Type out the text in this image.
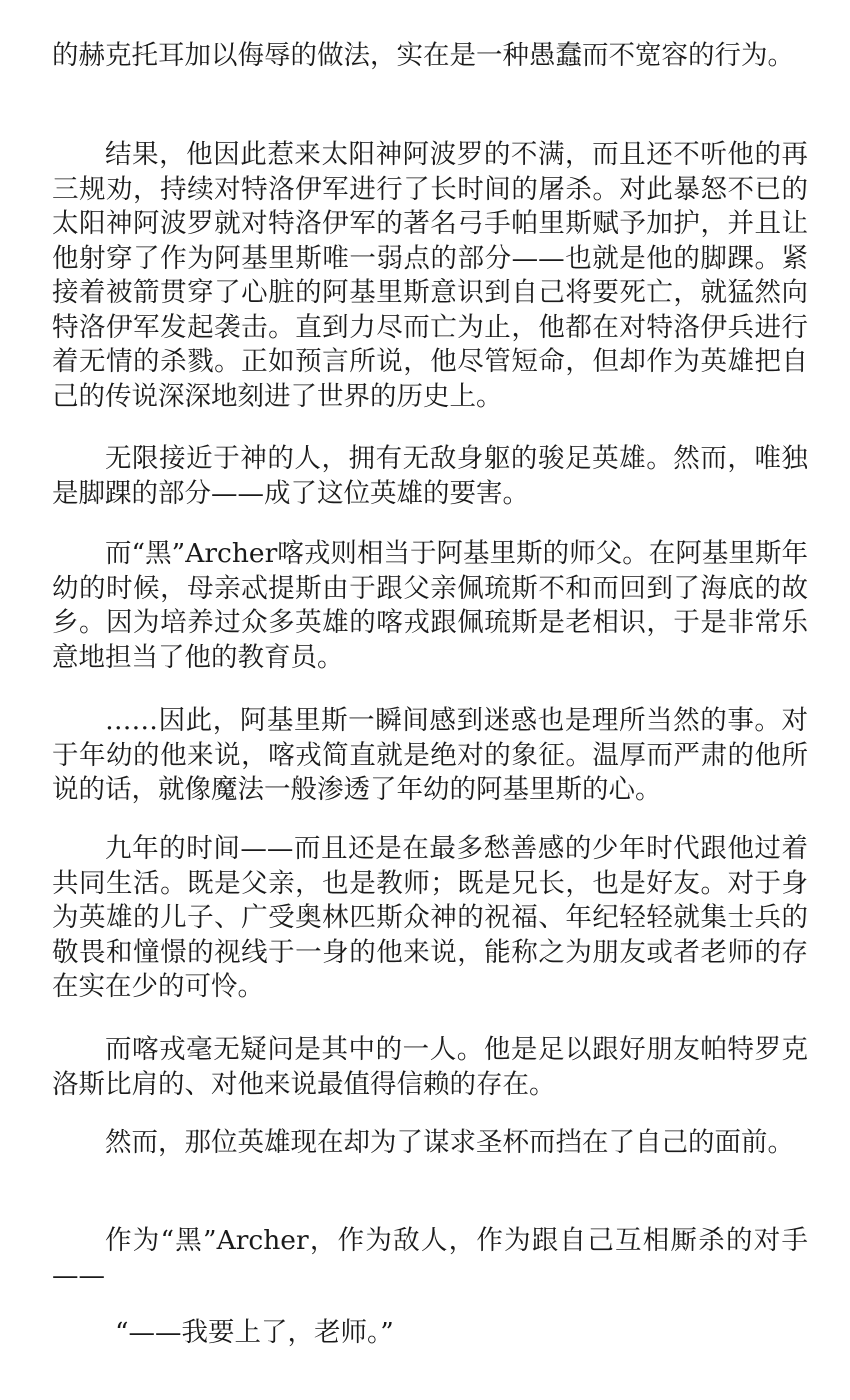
的赫克托耳加以侮辱的做法，实在是一种愚蠢而不宽容的行为。

结果，他因此惹来太阳神阿波罗的不满，而且还不听他的再三规劝，持续对特洛伊军进行了长时间的屠杀。对此暴怒不已的太阳神阿波罗就对特洛伊军的著名弓手帕里斯赋予加护，并且让他射穿了作为阿基里斯唯一弱点的部分——也就是他的脚踝。紧接着被箭贯穿了心脏的阿基里斯意识到自己将要死亡，就猛然向特洛伊军发起袭击。直到力尽而亡为止，他都在对特洛伊兵进行着无情的杀戮。正如预言所说，他尽管短命，但却作为英雄把自己的传说深深地刻进了世界的历史上。

无限接近于神的人，拥有无敌身躯的骏足英雄。然而，唯独是脚踝的部分——成了这位英雄的要害。

而“黑”Archer喀戎则相当于阿基里斯的师父。在阿基里斯年幼的时候，母亲忒提斯由于跟父亲佩琉斯不和而回到了海底的故乡。因为培养过众多英雄的喀戎跟佩琉斯是老相识，于是非常乐意地担当了他的教育员。

……因此，阿基里斯一瞬间感到迷惑也是理所当然的事。对于年幼的他来说，喀戎简直就是绝对的象征。温厚而严肃的他所说的话，就像魔法一般渗透了年幼的阿基里斯的心。

九年的时间——而且还是在最多愁善感的少年时代跟他过着共同生活。既是父亲，也是教师；既是兄长，也是好友。对于身为英雄的儿子、广受奥林匹斯众神的祝福、年纪轻轻就集士兵的敬畏和憧憬的视线于一身的他来说，能称之为朋友或者老师的存在实在少的可怜。

而喀戎毫无疑问是其中的一人。他是足以跟好朋友帕特罗克洛斯比肩的、对他来说最值得信赖的存在。

然而，那位英雄现在却为了谋求圣杯而挡在了自己的面前。

作为“黑”Archer，作为敌人，作为跟自己互相厮杀的对手——

“——我要上了，老师。”
